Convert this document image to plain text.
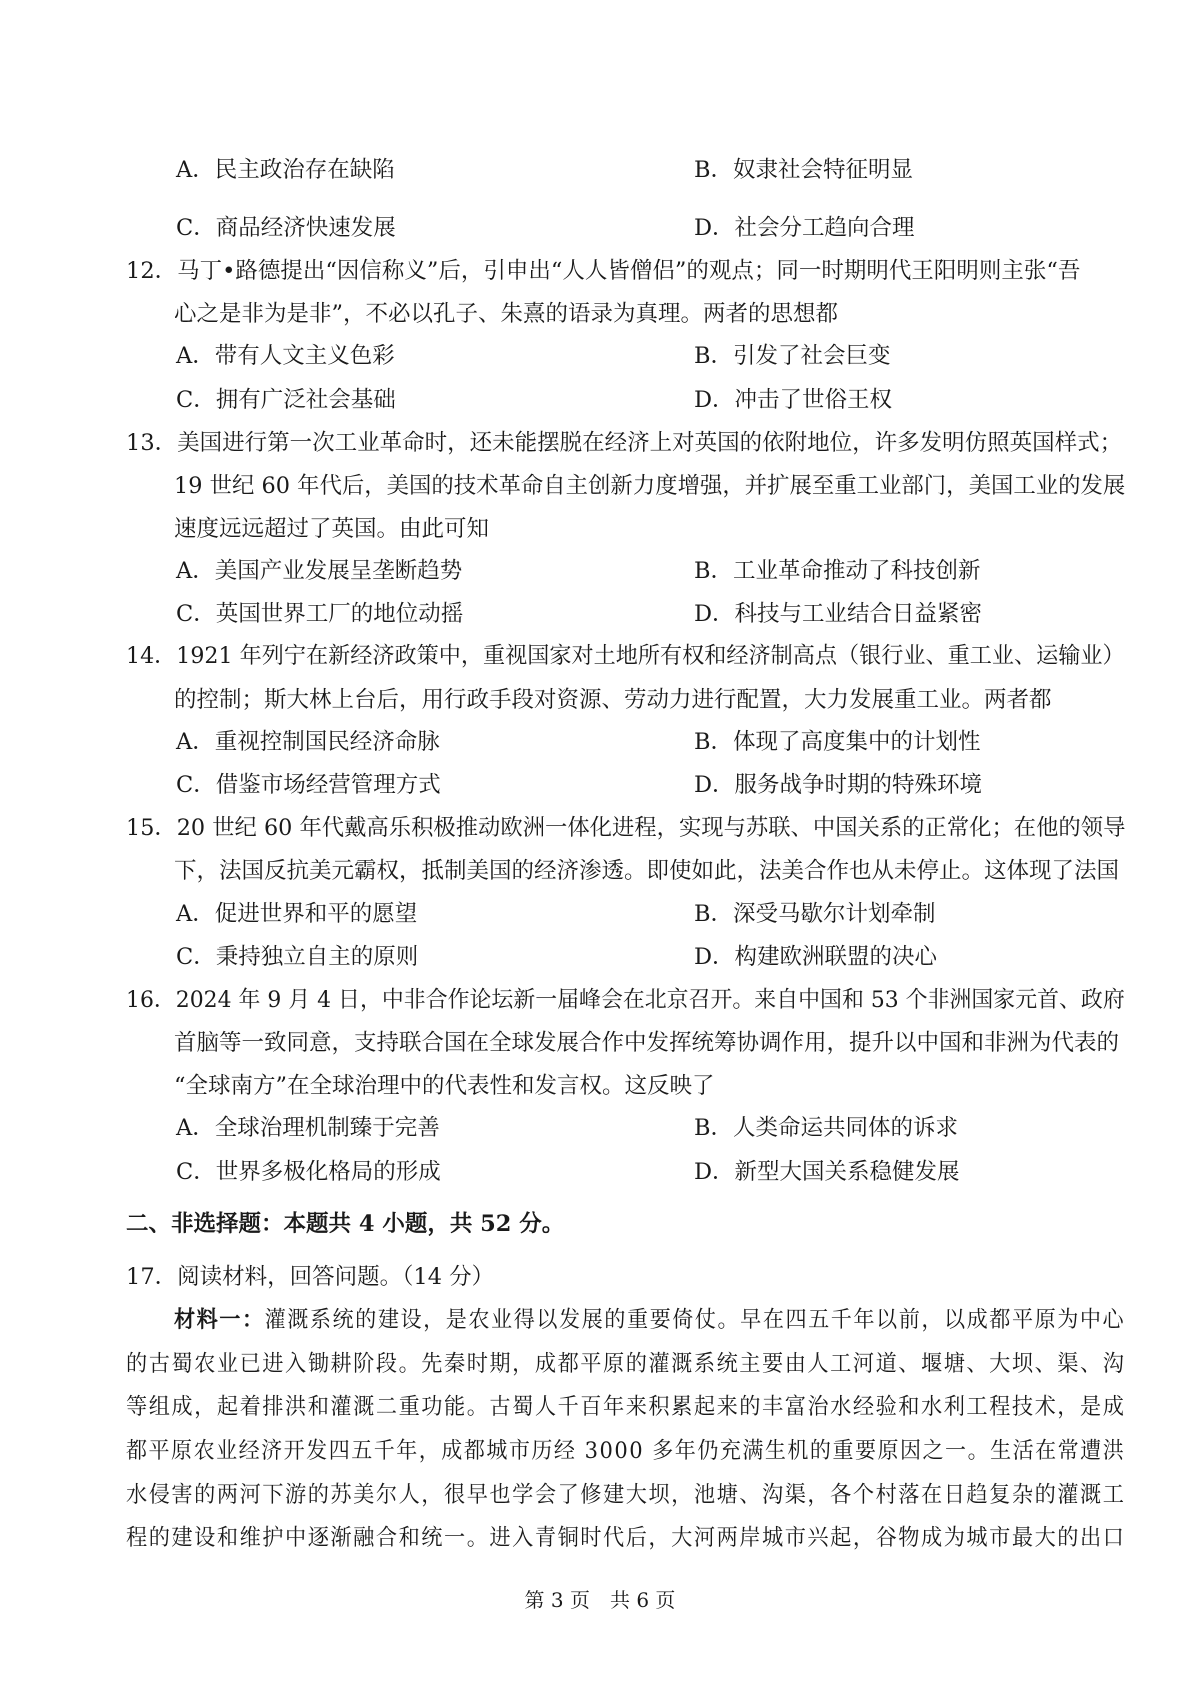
A．民主政治存在缺陷	B．奴隶社会特征明显
C．商品经济快速发展	D．社会分工趋向合理
12．马丁•路德提出“因信称义”后，引申出“人人皆僧侣”的观点；同一时期明代王阳明则主张“吾
心之是非为是非”，不必以孔子、朱熹的语录为真理。两者的思想都
A．带有人文主义色彩	B．引发了社会巨变
C．拥有广泛社会基础	D．冲击了世俗王权
13．美国进行第一次工业革命时，还未能摆脱在经济上对英国的依附地位，许多发明仿照英国样式；
19 世纪 60 年代后，美国的技术革命自主创新力度增强，并扩展至重工业部门，美国工业的发展
速度远远超过了英国。由此可知
A．美国产业发展呈垄断趋势	B．工业革命推动了科技创新
C．英国世界工厂的地位动摇	D．科技与工业结合日益紧密
14．1921 年列宁在新经济政策中，重视国家对土地所有权和经济制高点（银行业、重工业、运输业）
的控制；斯大林上台后，用行政手段对资源、劳动力进行配置，大力发展重工业。两者都
A．重视控制国民经济命脉	B．体现了高度集中的计划性
C．借鉴市场经营管理方式	D．服务战争时期的特殊环境
15．20 世纪 60 年代戴高乐积极推动欧洲一体化进程，实现与苏联、中国关系的正常化；在他的领导
下，法国反抗美元霸权，抵制美国的经济渗透。即使如此，法美合作也从未停止。这体现了法国
A．促进世界和平的愿望	B．深受马歇尔计划牵制
C．秉持独立自主的原则	D．构建欧洲联盟的决心
16．2024 年 9 月 4 日，中非合作论坛新一届峰会在北京召开。来自中国和 53 个非洲国家元首、政府
首脑等一致同意，支持联合国在全球发展合作中发挥统筹协调作用，提升以中国和非洲为代表的
“全球南方”在全球治理中的代表性和发言权。这反映了
A．全球治理机制臻于完善	B．人类命运共同体的诉求
C．世界多极化格局的形成	D．新型大国关系稳健发展
二、非选择题：本题共 4 小题，共 52 分。
17．阅读材料，回答问题。（14 分）
材料一：灌溉系统的建设，是农业得以发展的重要倚仗。早在四五千年以前，以成都平原为中心
的古蜀农业已进入锄耕阶段。先秦时期，成都平原的灌溉系统主要由人工河道、堰塘、大坝、渠、沟
等组成，起着排洪和灌溉二重功能。古蜀人千百年来积累起来的丰富治水经验和水利工程技术，是成
都平原农业经济开发四五千年，成都城市历经 3000 多年仍充满生机的重要原因之一。生活在常遭洪
水侵害的两河下游的苏美尔人，很早也学会了修建大坝，池塘、沟渠，各个村落在日趋复杂的灌溉工
程的建设和维护中逐渐融合和统一。进入青铜时代后，大河两岸城市兴起，谷物成为城市最大的出口
第 3 页　共 6 页
